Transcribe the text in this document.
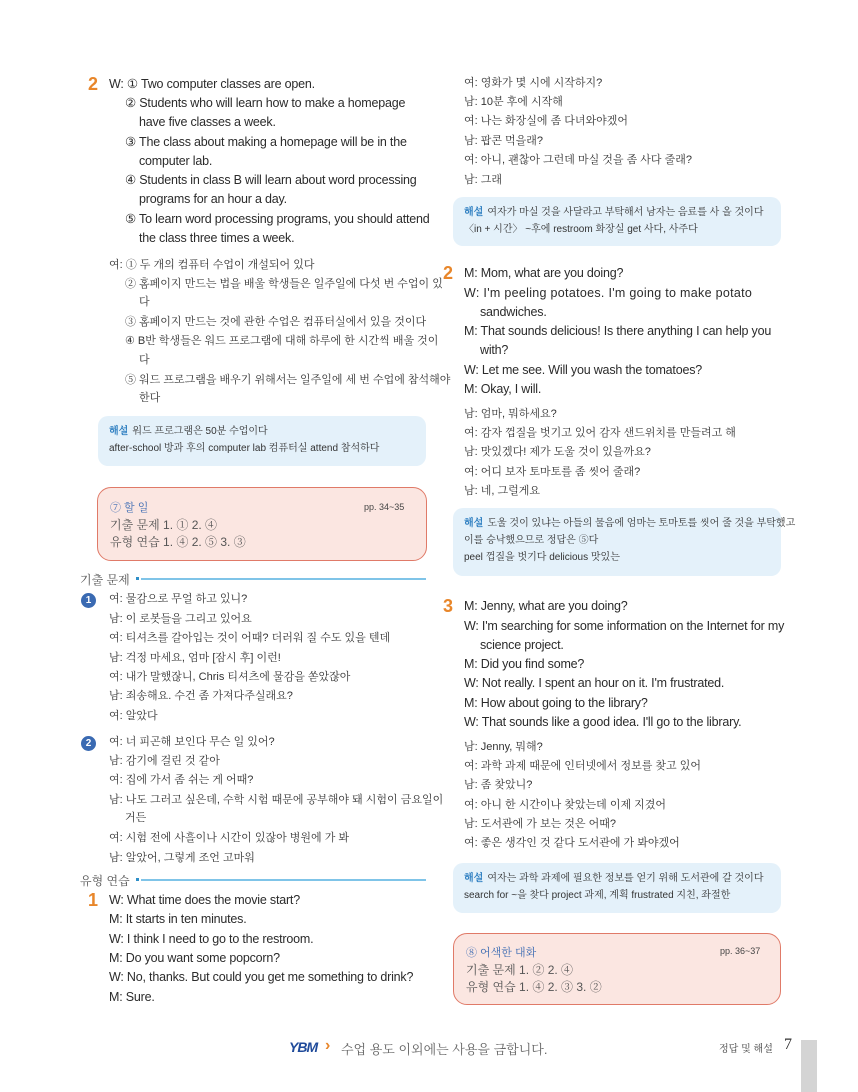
2 W: ① Two computer classes are open.
② Students who will learn how to make a homepage
have five classes a week.
③ The class about making a homepage will be in the
computer lab.
④ Students in class B will learn about word processing
programs for an hour a day.
⑤ To learn word processing programs, you should attend
the class three times a week.
여: ① 두 개의 컴퓨터 수업이 개설되어 있다
② 홈페이지 만드는 법을 배울 학생들은 일주일에 다섯 번 수업이 있
다
③ 홈페이지 만드는 것에 관한 수업은 컴퓨터실에서 있을 것이다
④ B반 학생들은 워드 프로그램에 대해 하루에 한 시간씩 배울 것이
다
⑤ 워드 프로그램을 배우기 위해서는 일주일에 세 번 수업에 참석해야
한다
해설 워드 프로그램은 50분 수업이다
after-school 방과 후의 computer lab 컴퓨터실 attend 참석하다
⑦ 할 일	pp. 34~35
기출 문제 1. ① 2. ④
유형 연습 1. ④ 2. ⑤ 3. ③
기출 문제
1	여: 물감으로 무얼 하고 있니?
남: 이 로봇들을 그리고 있어요
여: 티셔츠를 갈아입는 것이 어때? 더러워 질 수도 있을 텐데
남: 걱정 마세요, 엄마 [잠시 후] 이런!
여: 내가 말했잖니, Chris 티셔츠에 물감을 쏟았잖아
남: 죄송해요. 수건 좀 가져다주실래요?
여: 알았다
2	여: 너 피곤해 보인다 무슨 일 있어?
남: 감기에 걸린 것 같아
여: 집에 가서 좀 쉬는 게 어때?
남: 나도 그러고 싶은데, 수학 시험 때문에 공부해야 돼 시험이 금요일이
거든
여: 시험 전에 사흘이나 시간이 있잖아 병원에 가 봐
남: 알았어, 그렇게 조언 고마워
유형 연습
1 W: What time does the movie start?
M: It starts in ten minutes.
W: I think I need to go to the restroom.
M: Do you want some popcorn?
W: No, thanks. But could you get me something to drink?
M: Sure.
여: 영화가 몇 시에 시작하지?
남: 10분 후에 시작해
여: 나는 화장실에 좀 다녀와야겠어
남: 팝콘 먹을래?
여: 아니, 괜찮아 그런데 마실 것을 좀 사다 줄래?
남: 그래
해설 여자가 마실 것을 사달라고 부탁해서 남자는 음료를 사 올 것이다
〈in + 시간〉 ~후에 restroom 화장실 get 사다, 사주다
2 M: Mom, what are you doing?
W: I'm peeling potatoes. I'm going to make potato
sandwiches.
M: That sounds delicious! Is there anything I can help you
with?
W: Let me see. Will you wash the tomatoes?
M: Okay, I will.
남: 엄마, 뭐하세요?
여: 감자 껍질을 벗기고 있어 감자 샌드위치를 만들려고 해
남: 맛있겠다! 제가 도울 것이 있을까요?
여: 어디 보자 토마토를 좀 씻어 줄래?
남: 네, 그럴게요
해설 도울 것이 있냐는 아들의 물음에 엄마는 토마토를 씻어 줄 것을 부탁했고
이를 승낙했으므로 정답은 ⑤다
peel 껍질을 벗기다 delicious 맛있는
3 M: Jenny, what are you doing?
W: I'm searching for some information on the Internet for my
science project.
M: Did you find some?
W: Not really. I spent an hour on it. I'm frustrated.
M: How about going to the library?
W: That sounds like a good idea. I'll go to the library.
남: Jenny, 뭐해?
여: 과학 과제 때문에 인터넷에서 정보를 찾고 있어
남: 좀 찾았니?
여: 아니 한 시간이나 찾았는데 이제 지겼어
남: 도서관에 가 보는 것은 어때?
여: 좋은 생각인 것 같다 도서관에 가 봐야겠어
해설 여자는 과학 과제에 필요한 정보를 얻기 위해 도서관에 갈 것이다
search for ~을 찾다 project 과제, 계획 frustrated 지친, 좌절한
⑧ 어색한 대화	pp. 36~37
기출 문제 1. ② 2. ④
유형 연습 1. ④ 2. ③ 3. ②
YBM › 수업 용도 이외에는 사용을 금합니다.	정답 및 해설 7
